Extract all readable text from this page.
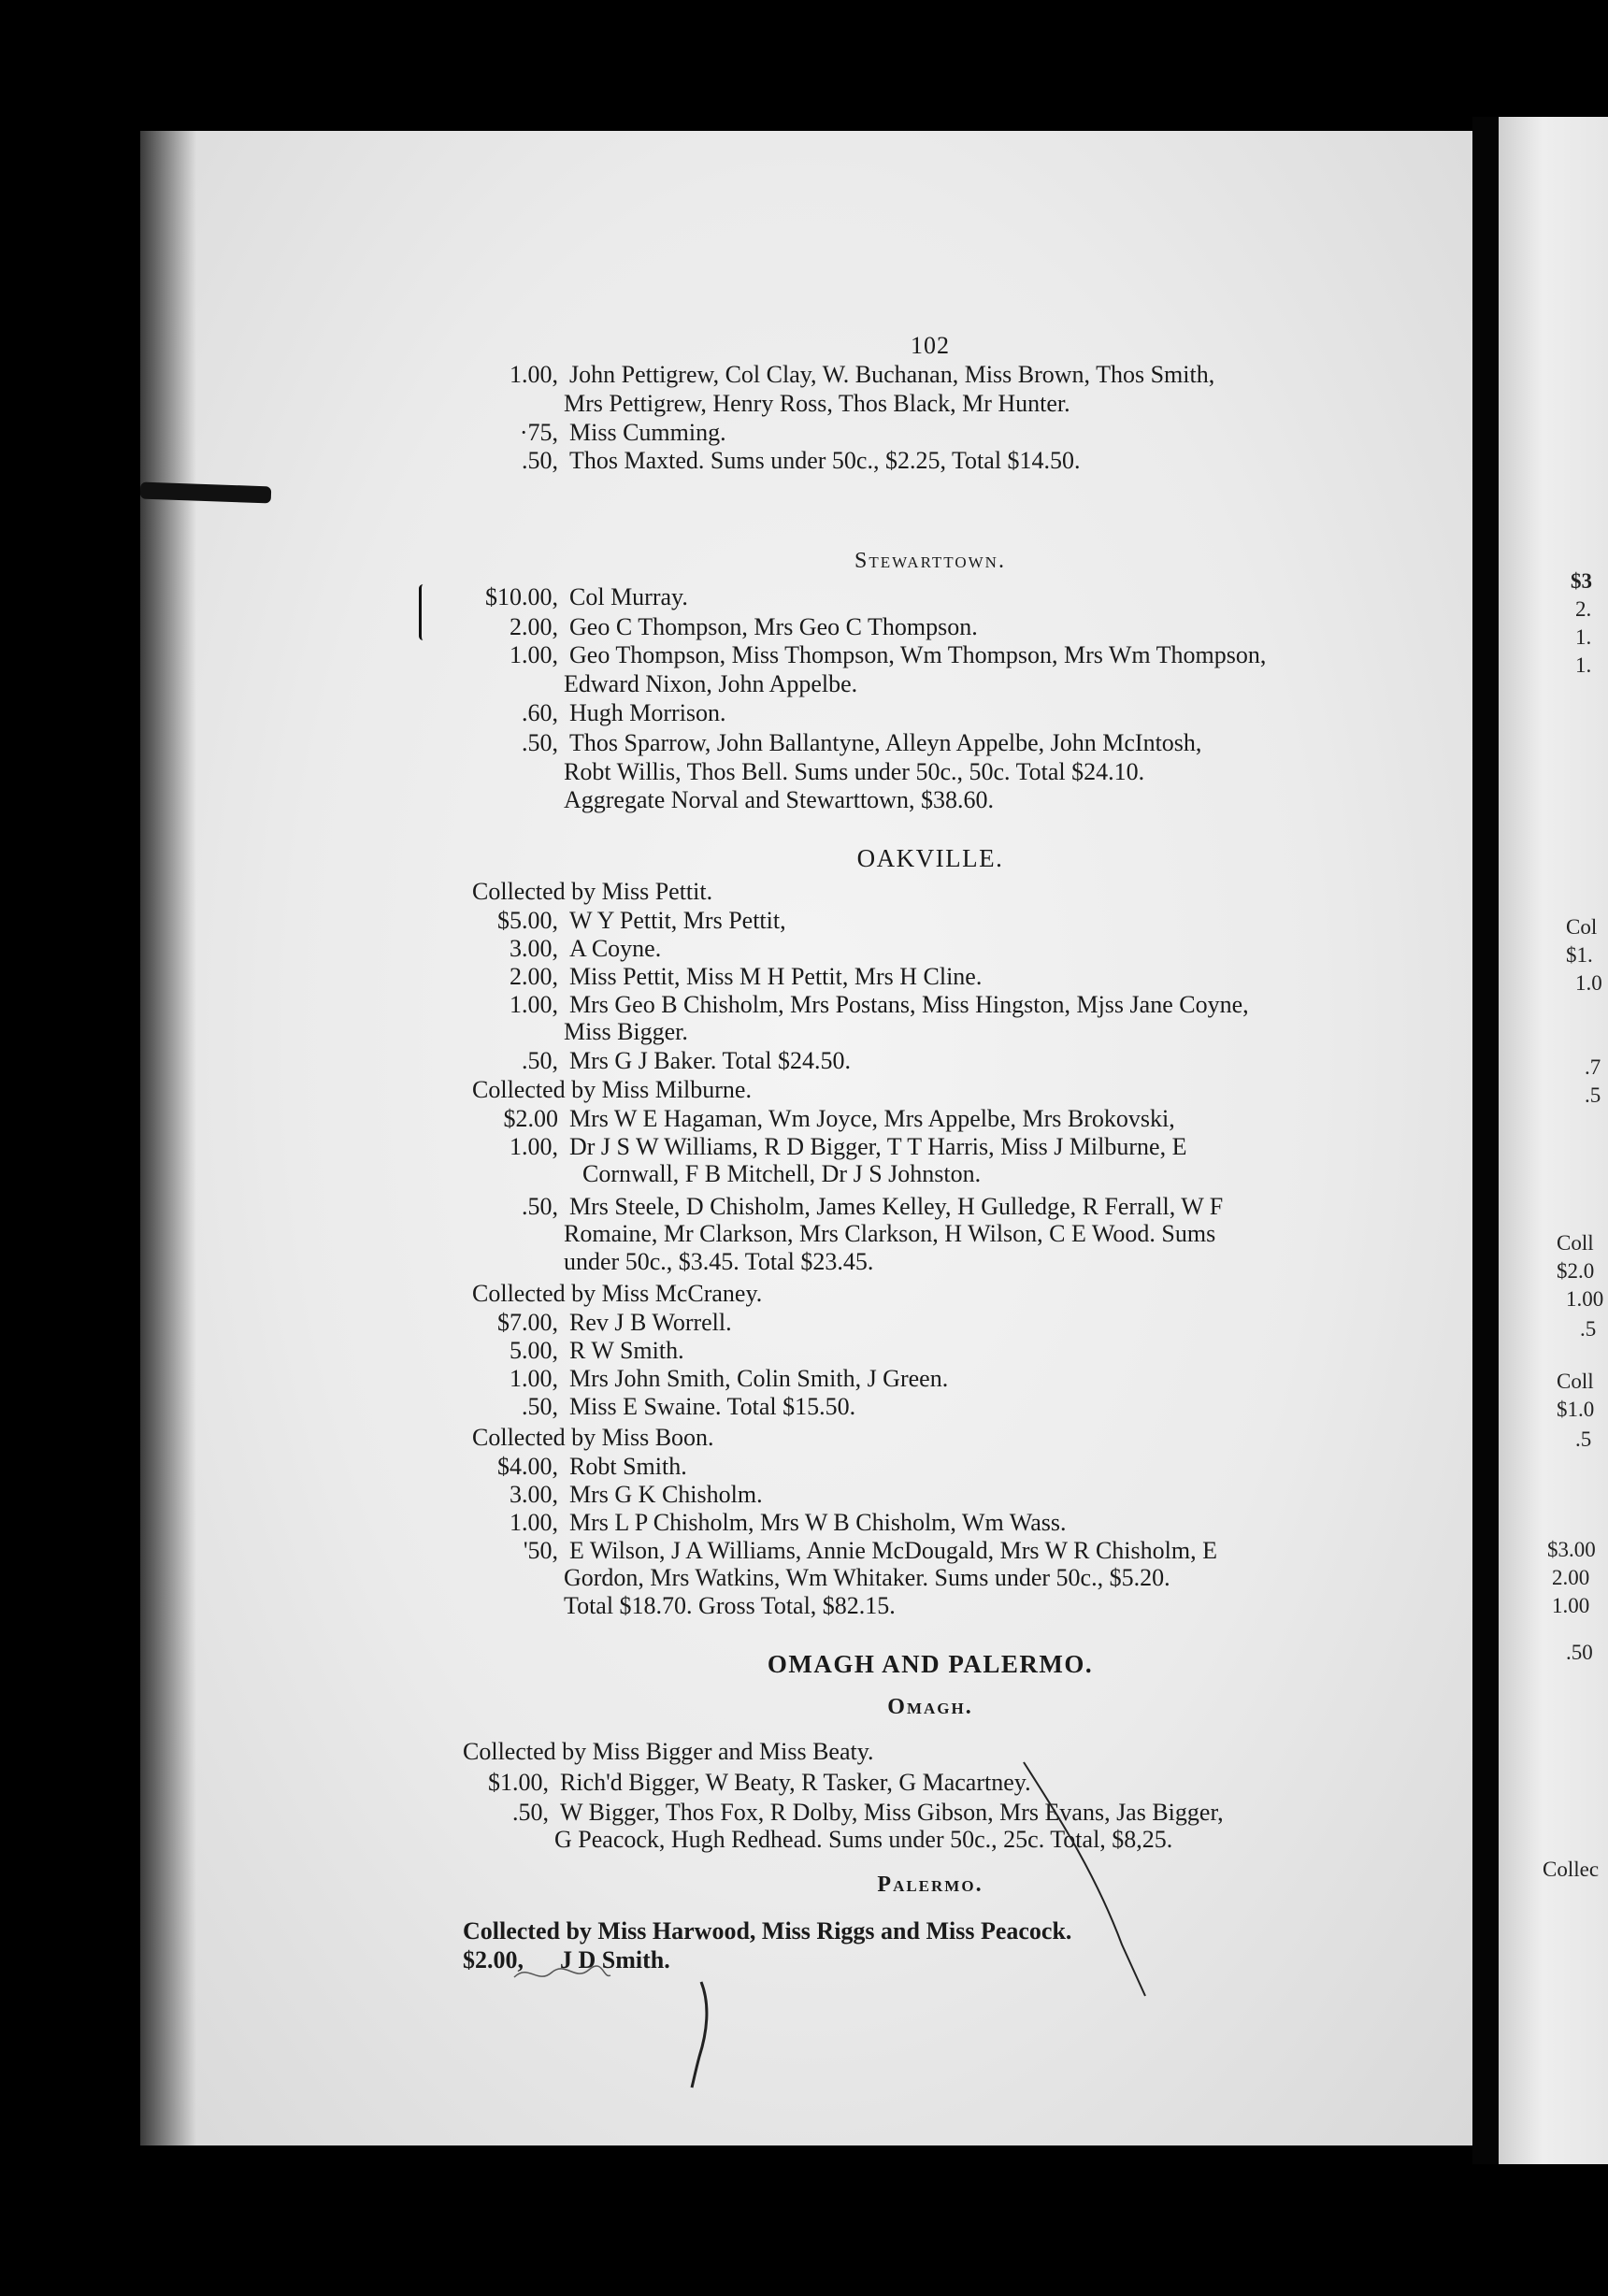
$3
2.
1.
1.
Col
$1.
1.0
.7
.5
Coll
$2.0
1.00
.5
Coll
$1.0
.5
$3.00
2.00
1.00
.50
Collec
102
1.00, John Pettigrew, Col Clay, W. Buchanan, Miss Brown, Thos Smith,
Mrs Pettigrew, Henry Ross, Thos Black, Mr Hunter.
·75, Miss Cumming.
.50, Thos Maxted. Sums under 50c., $2.25, Total $14.50.
Stewarttown.
$10.00, Col Murray.
2.00, Geo C Thompson, Mrs Geo C Thompson.
1.00, Geo Thompson, Miss Thompson, Wm Thompson, Mrs Wm Thompson,
Edward Nixon, John Appelbe.
.60, Hugh Morrison.
.50, Thos Sparrow, John Ballantyne, Alleyn Appelbe, John McIntosh,
Robt Willis, Thos Bell. Sums under 50c., 50c. Total $24.10.
Aggregate Norval and Stewarttown, $38.60.
OAKVILLE.
Collected by Miss Pettit.
$5.00, W Y Pettit, Mrs Pettit,
3.00, A Coyne.
2.00, Miss Pettit, Miss M H Pettit, Mrs H Cline.
1.00, Mrs Geo B Chisholm, Mrs Postans, Miss Hingston, Mjss Jane Coyne,
Miss Bigger.
.50, Mrs G J Baker. Total $24.50.
Collected by Miss Milburne.
$2.00 Mrs W E Hagaman, Wm Joyce, Mrs Appelbe, Mrs Brokovski,
1.00, Dr J S W Williams, R D Bigger, T T Harris, Miss J Milburne, E
Cornwall, F B Mitchell, Dr J S Johnston.
.50, Mrs Steele, D Chisholm, James Kelley, H Gulledge, R Ferrall, W F
Romaine, Mr Clarkson, Mrs Clarkson, H Wilson, C E Wood. Sums
under 50c., $3.45. Total $23.45.
Collected by Miss McCraney.
$7.00, Rev J B Worrell.
5.00, R W Smith.
1.00, Mrs John Smith, Colin Smith, J Green.
.50, Miss E Swaine. Total $15.50.
Collected by Miss Boon.
$4.00, Robt Smith.
3.00, Mrs G K Chisholm.
1.00, Mrs L P Chisholm, Mrs W B Chisholm, Wm Wass.
'50, E Wilson, J A Williams, Annie McDougald, Mrs W R Chisholm, E
Gordon, Mrs Watkins, Wm Whitaker. Sums under 50c., $5.20.
Total $18.70. Gross Total, $82.15.
OMAGH AND PALERMO.
Omagh.
Collected by Miss Bigger and Miss Beaty.
$1.00, Rich'd Bigger, W Beaty, R Tasker, G Macartney.
.50, W Bigger, Thos Fox, R Dolby, Miss Gibson, Mrs Evans, Jas Bigger,
G Peacock, Hugh Redhead. Sums under 50c., 25c. Total, $8,25.
Palermo.
Collected by Miss Harwood, Miss Riggs and Miss Peacock.
$2.00, J D Smith.
